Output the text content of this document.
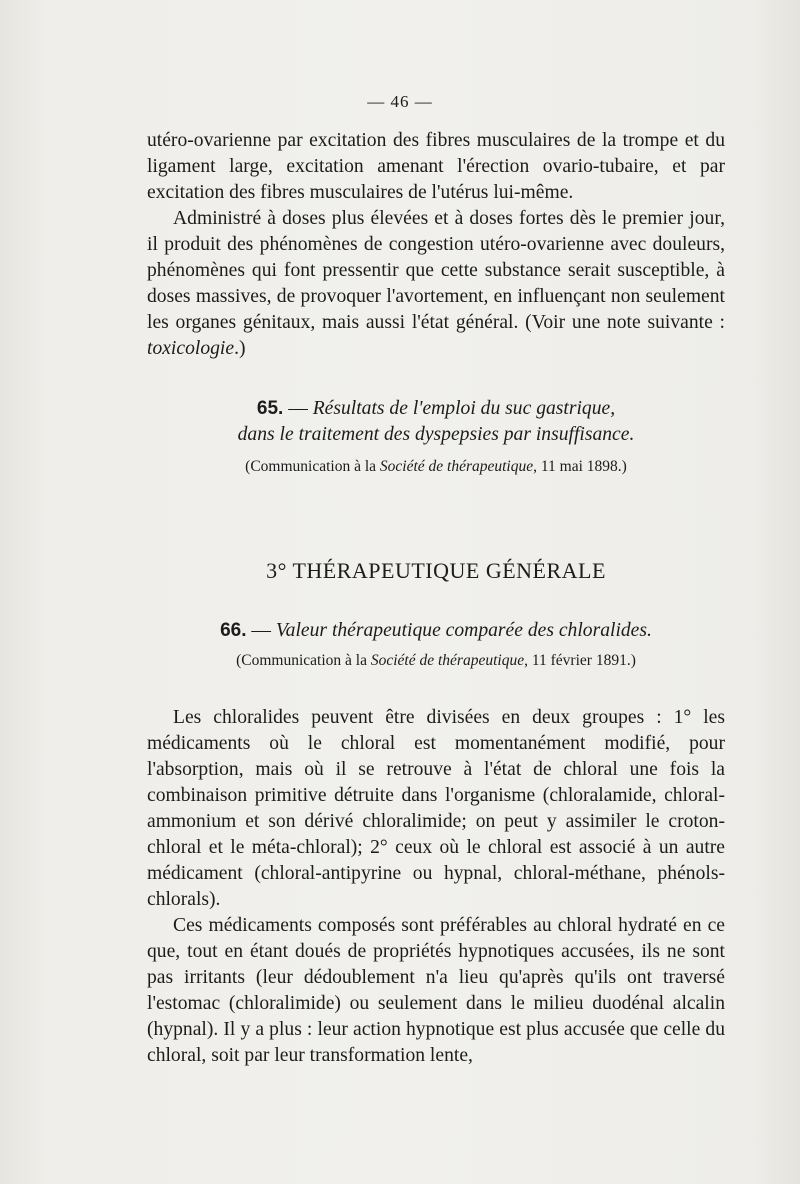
— 46 —

utéro-ovarienne par excitation des fibres musculaires de la trompe et du ligament large, excitation amenant l'érection ovario-tubaire, et par excitation des fibres musculaires de l'utérus lui-même.

Administré à doses plus élevées et à doses fortes dès le premier jour, il produit des phénomènes de congestion utéro-ovarienne avec douleurs, phénomènes qui font pressentir que cette substance serait susceptible, à doses massives, de provoquer l'avortement, en influençant non seulement les organes génitaux, mais aussi l'état général. (Voir une note suivante : toxicologie.)

65. — Résultats de l'emploi du suc gastrique,
dans le traitement des dyspepsies par insuffisance.
(Communication à la Société de thérapeutique, 11 mai 1898.)
3° THÉRAPEUTIQUE GÉNÉRALE
66. — Valeur thérapeutique comparée des chloralides.
(Communication à la Société de thérapeutique, 11 février 1891.)

Les chloralides peuvent être divisées en deux groupes : 1° les médicaments où le chloral est momentanément modifié, pour l'absorption, mais où il se retrouve à l'état de chloral une fois la combinaison primitive détruite dans l'organisme (chloralamide, chloral-ammonium et son dérivé chloralimide; on peut y assimiler le croton-chloral et le méta-chloral); 2° ceux où le chloral est associé à un autre médicament (chloral-antipyrine ou hypnal, chloral-méthane, phénols-chlorals).

Ces médicaments composés sont préférables au chloral hydraté en ce que, tout en étant doués de propriétés hypnotiques accusées, ils ne sont pas irritants (leur dédoublement n'a lieu qu'après qu'ils ont traversé l'estomac (chloralimide) ou seulement dans le milieu duodénal alcalin (hypnal). Il y a plus : leur action hypnotique est plus accusée que celle du chloral, soit par leur transformation lente,
